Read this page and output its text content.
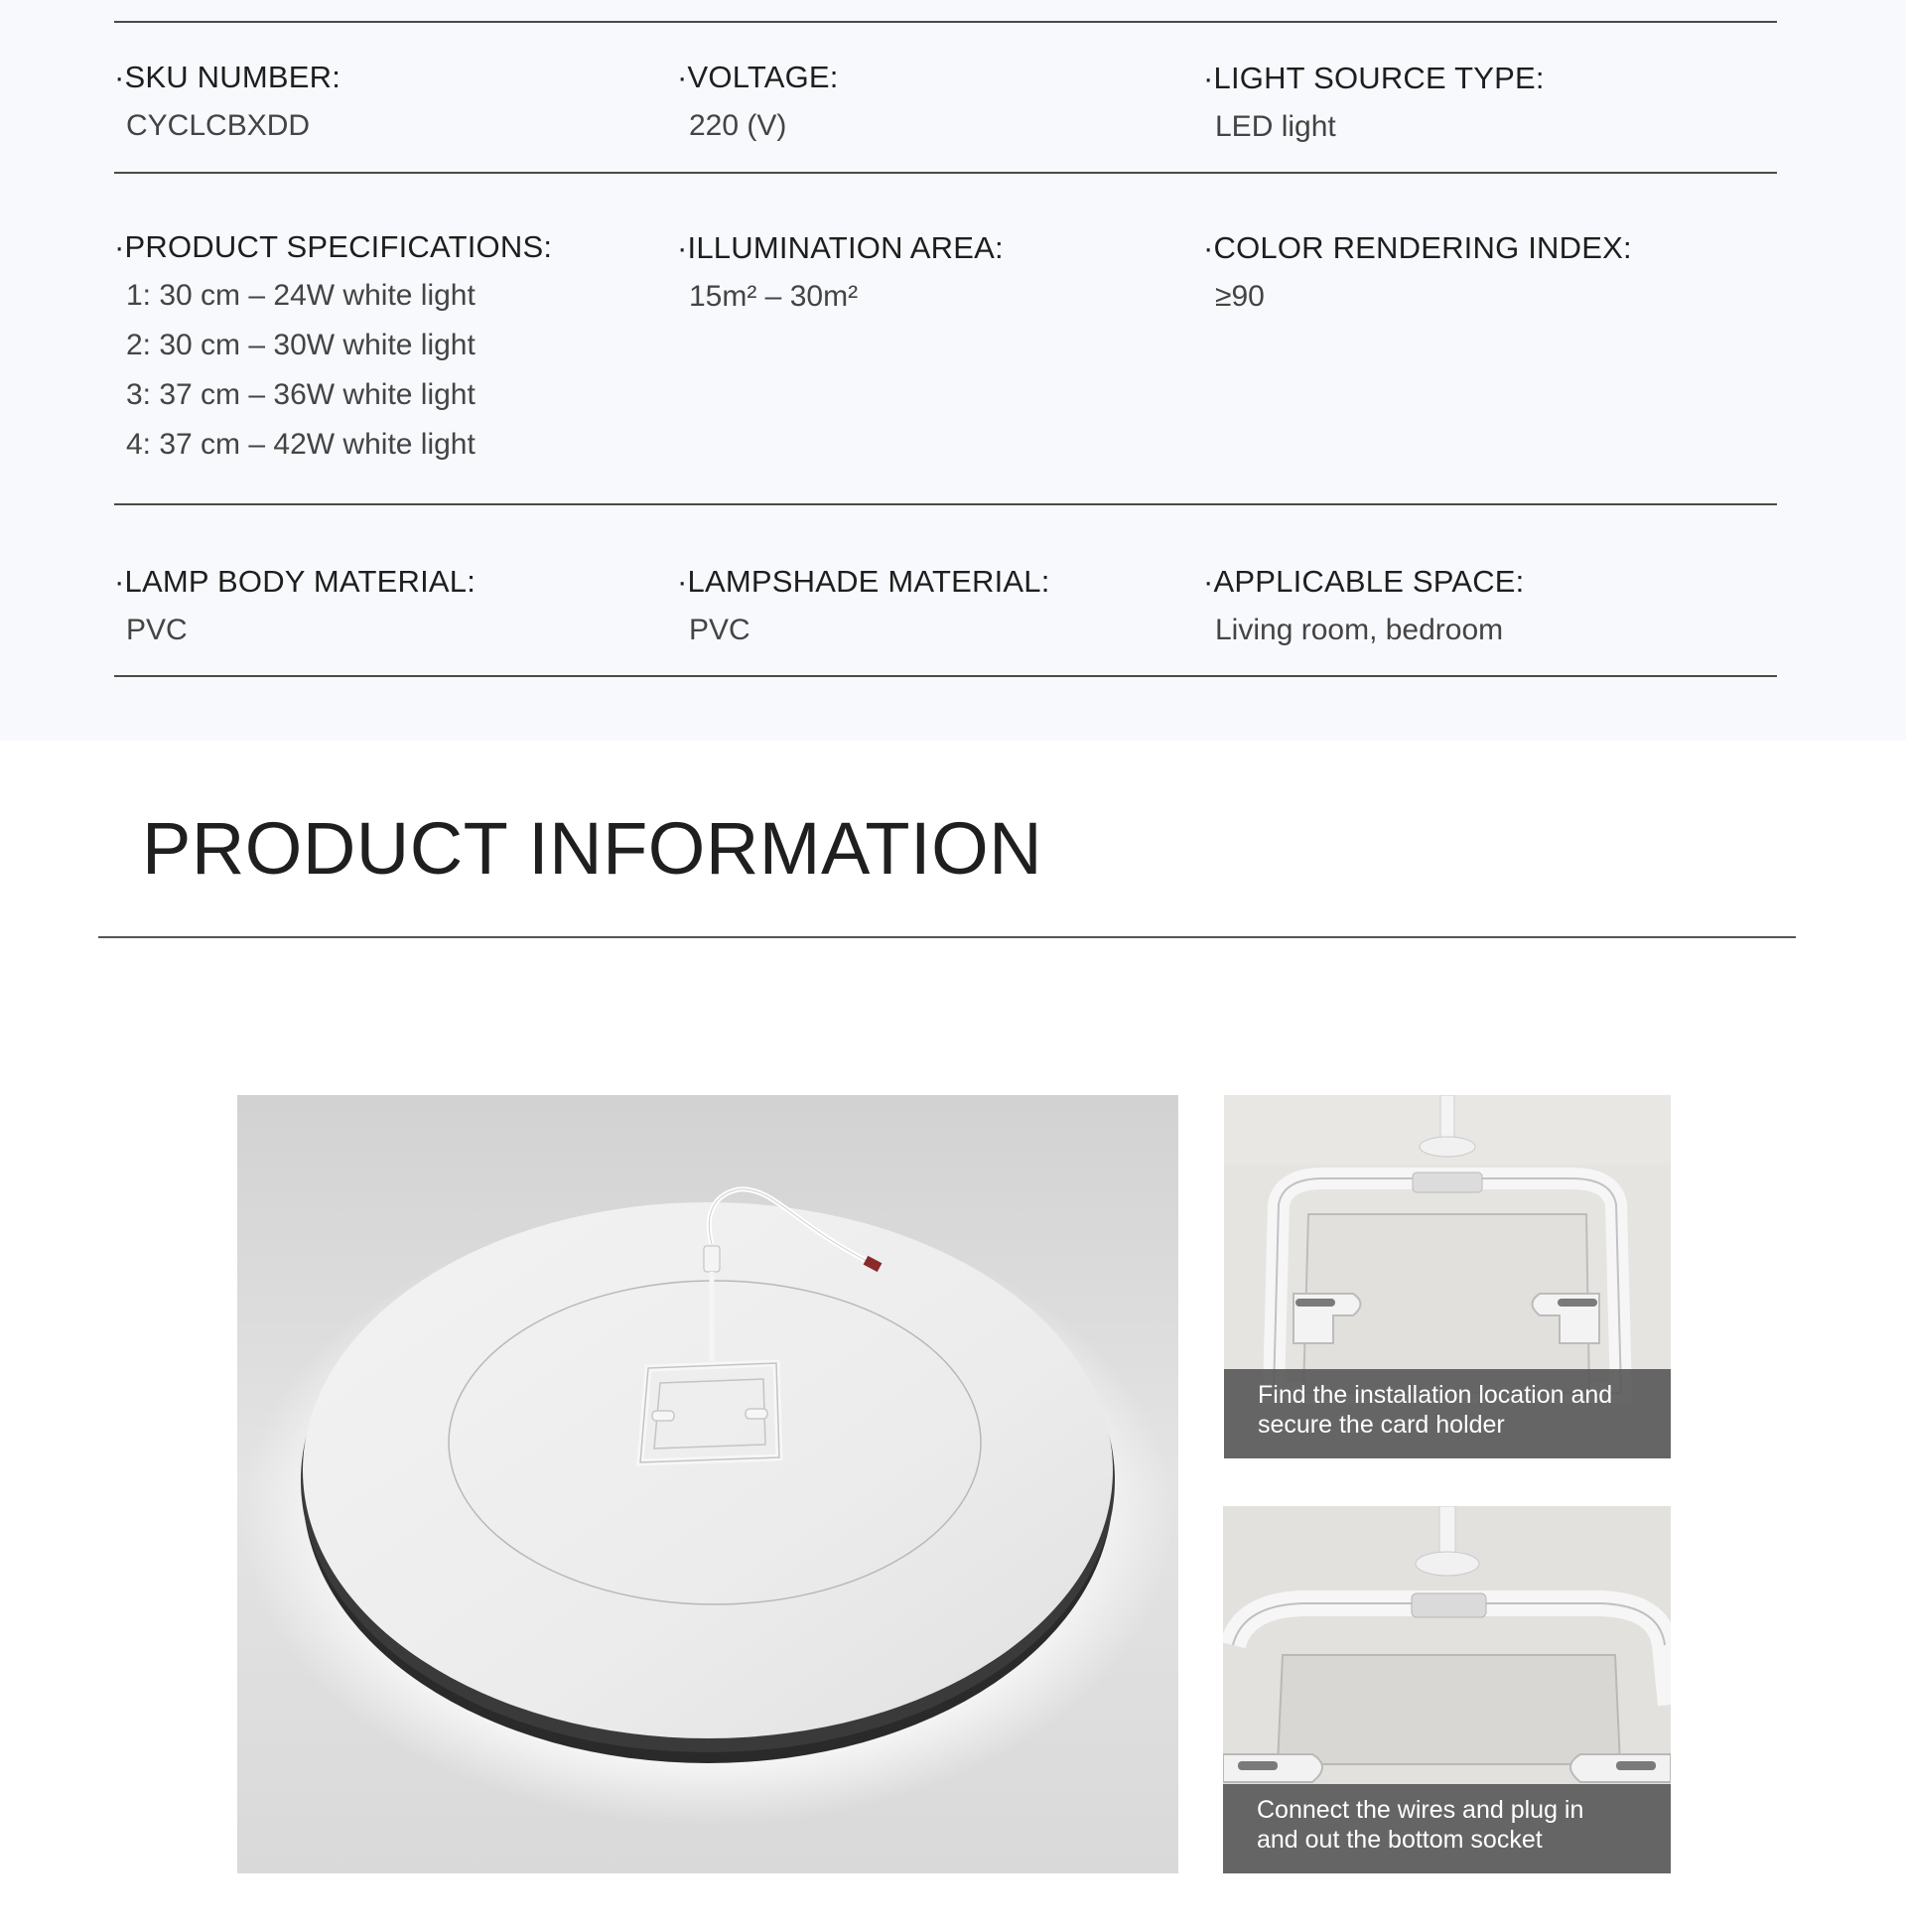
·SKU NUMBER:
CYCLCBXDD
·VOLTAGE:
220 (V)
·LIGHT SOURCE TYPE:
LED light
·PRODUCT SPECIFICATIONS:
1: 30 cm – 24W white light
2: 30 cm – 30W white light
3: 37 cm – 36W white light
4: 37 cm – 42W white light
·ILLUMINATION AREA:
15m² – 30m²
·COLOR RENDERING INDEX:
≥90
·LAMP BODY MATERIAL:
PVC
·LAMPSHADE MATERIAL:
PVC
·APPLICABLE SPACE:
Living room, bedroom
PRODUCT INFORMATION
Find the installation location and
secure the card holder
Connect the wires and plug in
and out the bottom socket
